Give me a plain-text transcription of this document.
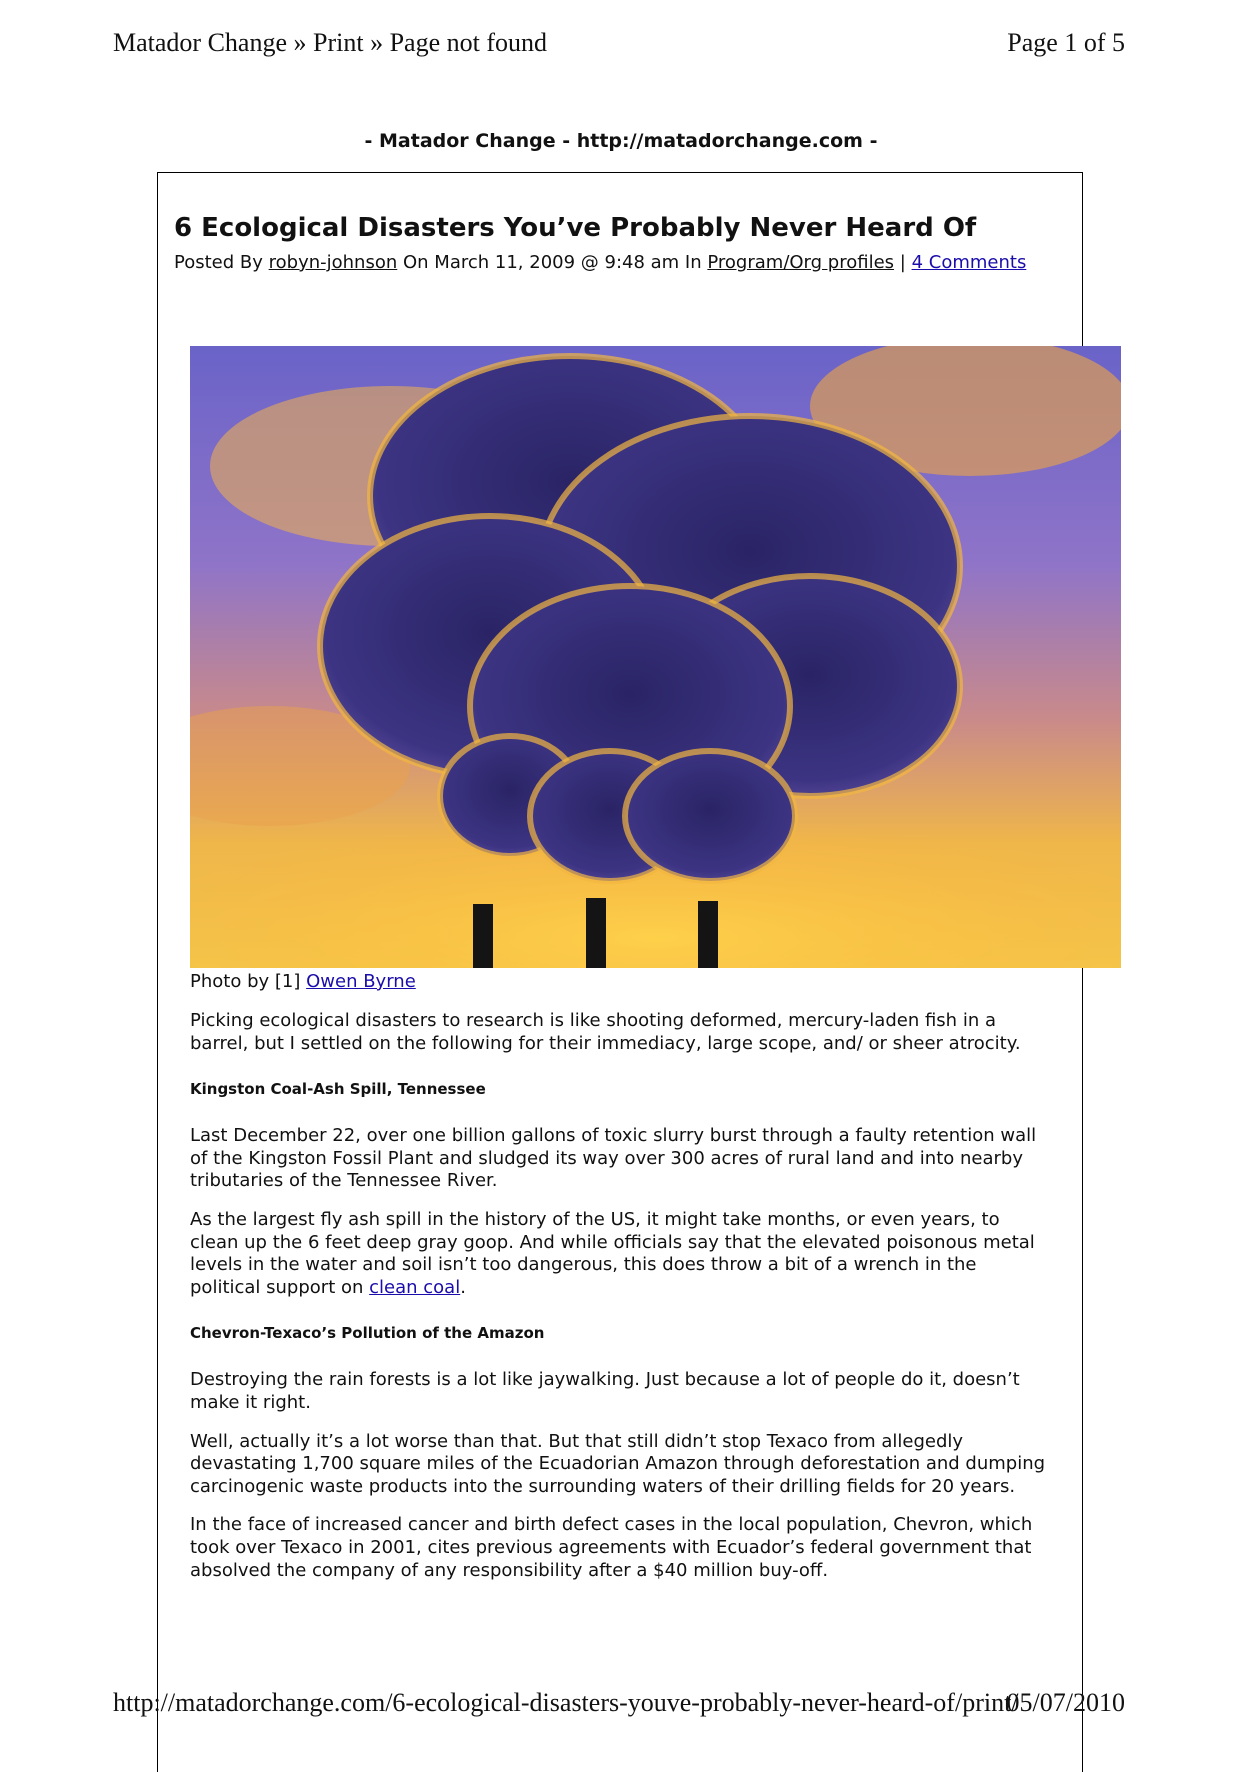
Matador Change » Print » Page not found	Page 1 of 5
- Matador Change - http://matadorchange.com -
6 Ecological Disasters You’ve Probably Never Heard Of
Posted By robyn-johnson On March 11, 2009 @ 9:48 am In Program/Org profiles | 4 Comments
Photo by [1] Owen Byrne

Picking ecological disasters to research is like shooting deformed, mercury-laden fish in a barrel, but I settled on the following for their immediacy, large scope, and/ or sheer atrocity.

Kingston Coal-Ash Spill, Tennessee

Last December 22, over one billion gallons of toxic slurry burst through a faulty retention wall of the Kingston Fossil Plant and sludged its way over 300 acres of rural land and into nearby tributaries of the Tennessee River.

As the largest fly ash spill in the history of the US, it might take months, or even years, to clean up the 6 feet deep gray goop. And while officials say that the elevated poisonous metal levels in the water and soil isn’t too dangerous, this does throw a bit of a wrench in the political support on clean coal.

Chevron-Texaco’s Pollution of the Amazon

Destroying the rain forests is a lot like jaywalking. Just because a lot of people do it, doesn’t make it right.

Well, actually it’s a lot worse than that. But that still didn’t stop Texaco from allegedly devastating 1,700 square miles of the Ecuadorian Amazon through deforestation and dumping carcinogenic waste products into the surrounding waters of their drilling fields for 20 years.

In the face of increased cancer and birth defect cases in the local population, Chevron, which took over Texaco in 2001, cites previous agreements with Ecuador’s federal government that absolved the company of any responsibility after a $40 million buy-off.

http://matadorchange.com/6-ecological-disasters-youve-probably-never-heard-of/print/
05/07/2010
